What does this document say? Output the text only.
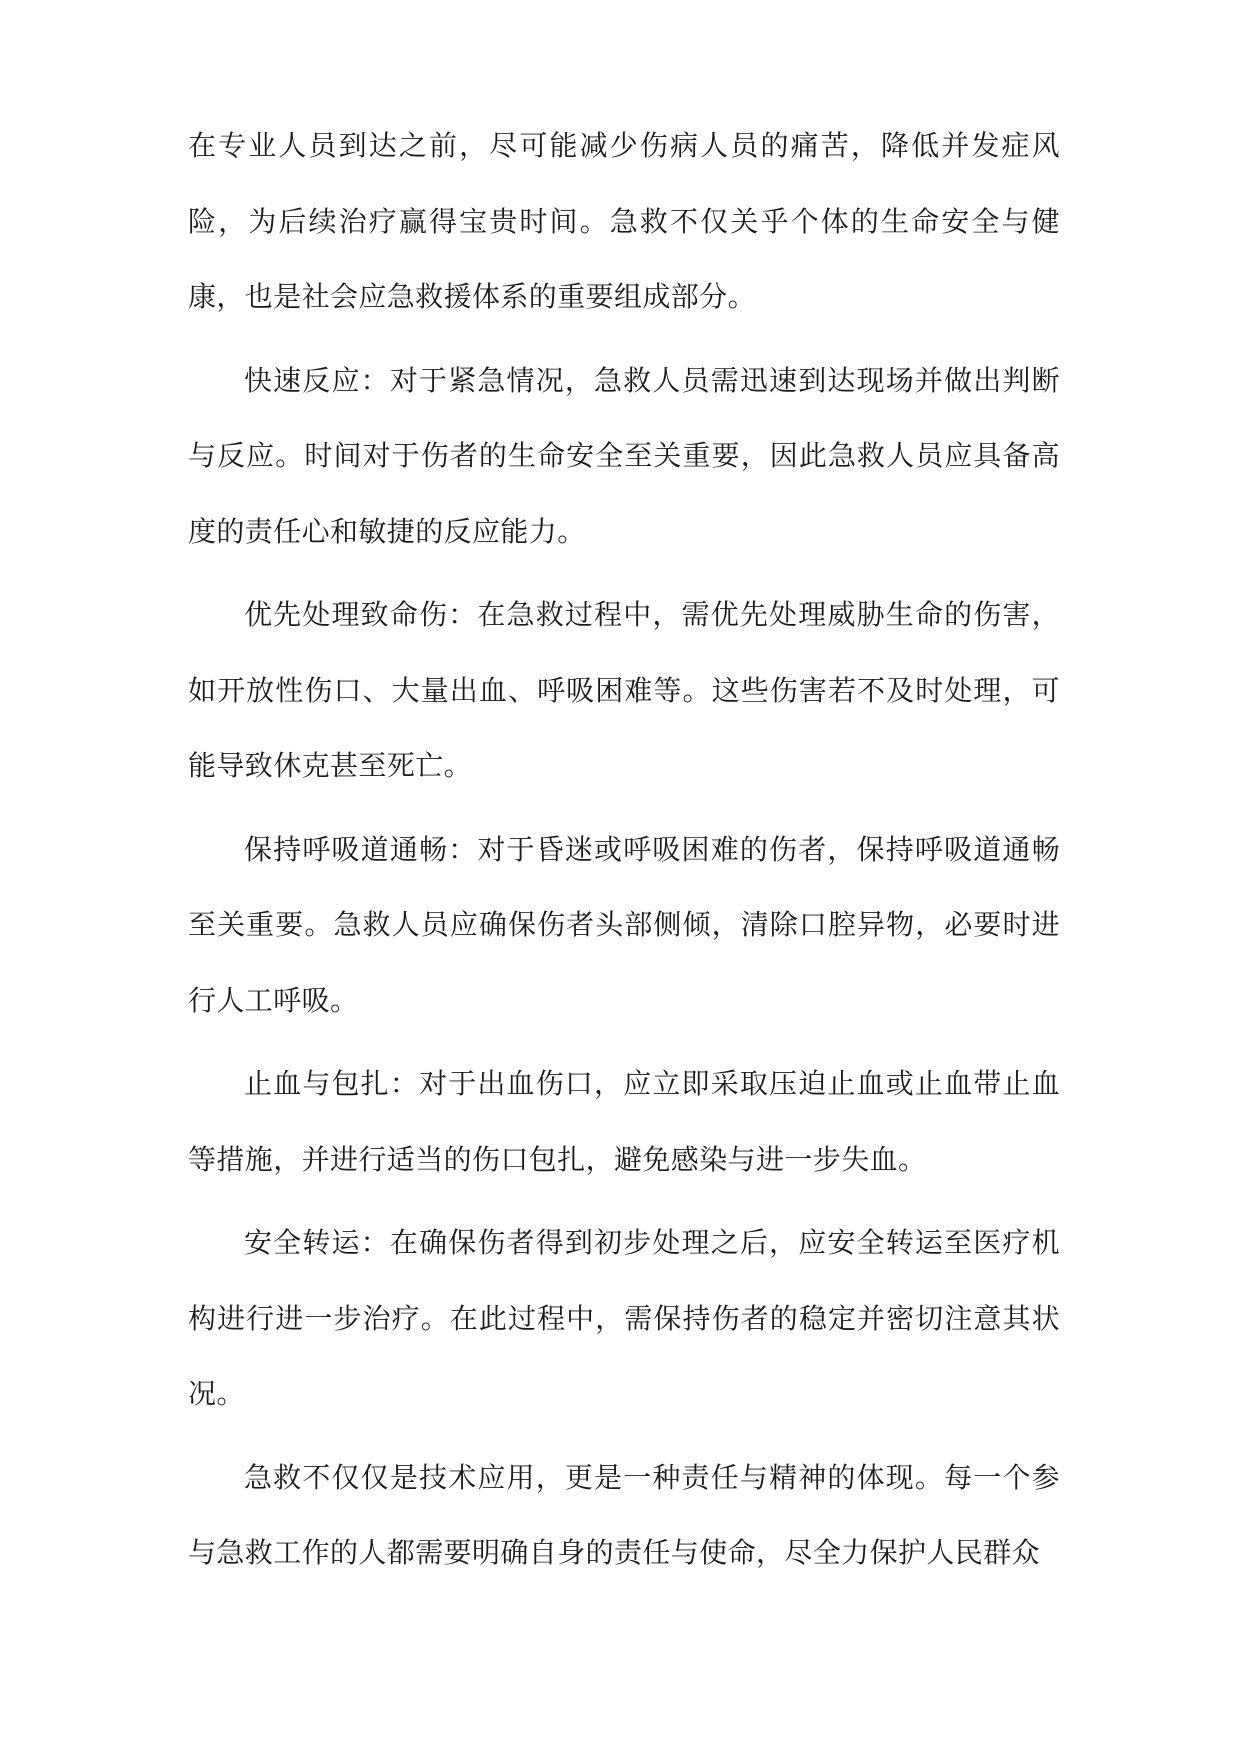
在专业人员到达之前，尽可能减少伤病人员的痛苦，降低并发症风险，为后续治疗赢得宝贵时间。急救不仅关乎个体的生命安全与健康，也是社会应急救援体系的重要组成部分。

快速反应：对于紧急情况，急救人员需迅速到达现场并做出判断与反应。时间对于伤者的生命安全至关重要，因此急救人员应具备高度的责任心和敏捷的反应能力。

优先处理致命伤：在急救过程中，需优先处理威胁生命的伤害，如开放性伤口、大量出血、呼吸困难等。这些伤害若不及时处理，可能导致休克甚至死亡。

保持呼吸道通畅：对于昏迷或呼吸困难的伤者，保持呼吸道通畅至关重要。急救人员应确保伤者头部侧倾，清除口腔异物，必要时进行人工呼吸。

止血与包扎：对于出血伤口，应立即采取压迫止血或止血带止血等措施，并进行适当的伤口包扎，避免感染与进一步失血。

安全转运：在确保伤者得到初步处理之后，应安全转运至医疗机构进行进一步治疗。在此过程中，需保持伤者的稳定并密切注意其状况。

急救不仅仅是技术应用，更是一种责任与精神的体现。每一个参与急救工作的人都需要明确自身的责任与使命，尽全力保护人民群众
